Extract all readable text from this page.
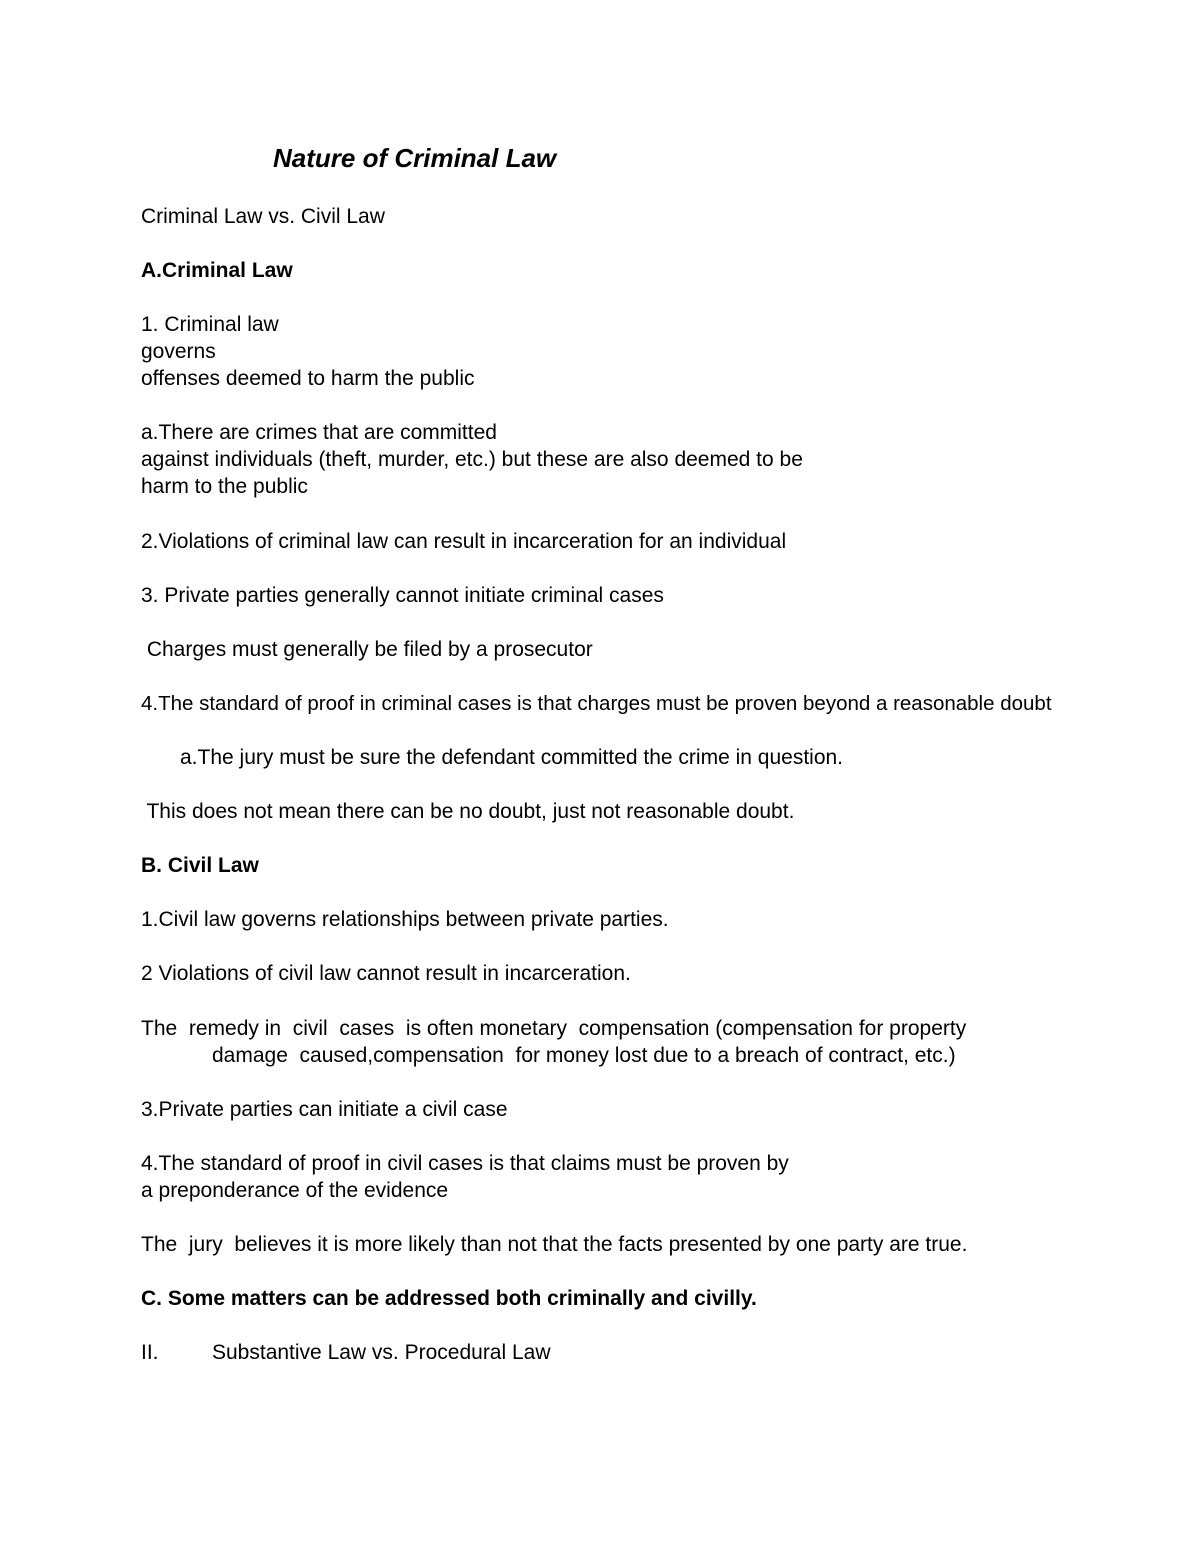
Nature of Criminal Law
Criminal Law vs. Civil Law
A.Criminal Law
1. Criminal law
governs
offenses deemed to harm the public
a.There are crimes that are committed
against individuals (theft, murder, etc.) but these are also deemed to be
harm to the public
2.Violations of criminal law can result in incarceration for an individual
3. Private parties generally cannot initiate criminal cases
Charges must generally be filed by a prosecutor
4.The standard of proof in criminal cases is that charges must be proven beyond a reasonable doubt
a.The jury must be sure the defendant committed the crime in question.
This does not mean there can be no doubt, just not reasonable doubt.
B. Civil Law
1.Civil law governs relationships between private parties.
2 Violations of civil law cannot result in incarceration.
The  remedy in  civil  cases  is often monetary  compensation (compensation for property
damage  caused,compensation  for money lost due to a breach of contract, etc.)
3.Private parties can initiate a civil case
4.The standard of proof in civil cases is that claims must be proven by
a preponderance of the evidence
The  jury  believes it is more likely than not that the facts presented by one party are true.
C. Some matters can be addressed both criminally and civilly.
II.	Substantive Law vs. Procedural Law
